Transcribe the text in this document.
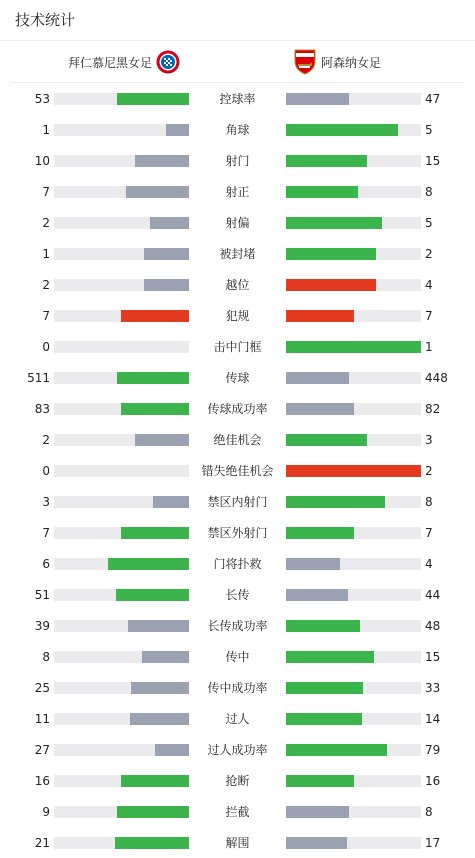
技术统计
拜仁慕尼黑女足	阿森纳女足
53	控球率	47
1	角球	5
10	射门	15
7	射正	8
2	射偏	5
1	被封堵	2
2	越位	4
7	犯规	7
0	击中门框	1
511	传球	448
83	传球成功率	82
2	绝佳机会	3
0	错失绝佳机会	2
3	禁区内射门	8
7	禁区外射门	7
6	门将扑救	4
51	长传	44
39	长传成功率	48
8	传中	15
25	传中成功率	33
11	过人	14
27	过人成功率	79
16	抢断	16
9	拦截	8
21	解围	17
